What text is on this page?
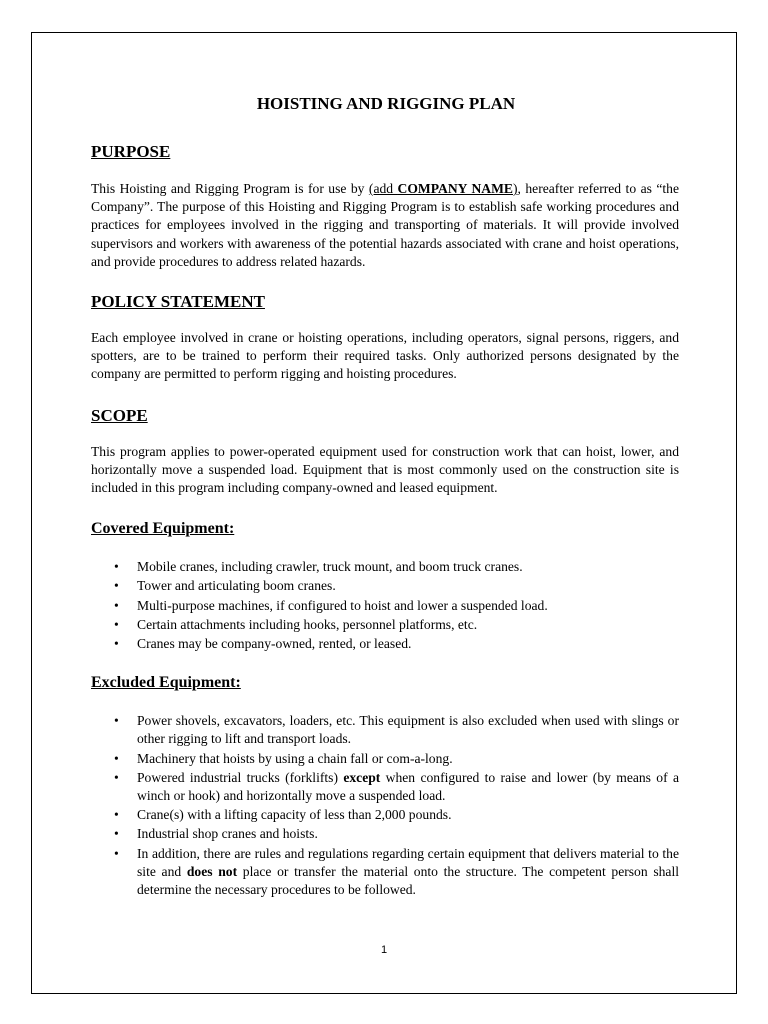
HOISTING AND RIGGING PLAN
PURPOSE

This Hoisting and Rigging Program is for use by (add COMPANY NAME), hereafter referred to as “the Company”. The purpose of this Hoisting and Rigging Program is to establish safe working procedures and practices for employees involved in the rigging and transporting of materials. It will provide involved supervisors and workers with awareness of the potential hazards associated with crane and hoist operations, and provide procedures to address related hazards.

POLICY STATEMENT

Each employee involved in crane or hoisting operations, including operators, signal persons, riggers, and spotters, are to be trained to perform their required tasks. Only authorized persons designated by the company are permitted to perform rigging and hoisting procedures.

SCOPE

This program applies to power-operated equipment used for construction work that can hoist, lower, and horizontally move a suspended load. Equipment that is most commonly used on the construction site is included in this program including company-owned and leased equipment.

Covered Equipment:
• Mobile cranes, including crawler, truck mount, and boom truck cranes.
• Tower and articulating boom cranes.
• Multi-purpose machines, if configured to hoist and lower a suspended load.
• Certain attachments including hooks, personnel platforms, etc.
• Cranes may be company-owned, rented, or leased.
Excluded Equipment:
• Power shovels, excavators, loaders, etc. This equipment is also excluded when used with slings or other rigging to lift and transport loads.
• Machinery that hoists by using a chain fall or com-a-long.
• Powered industrial trucks (forklifts) except when configured to raise and lower (by means of a winch or hook) and horizontally move a suspended load.
• Crane(s) with a lifting capacity of less than 2,000 pounds.
• Industrial shop cranes and hoists.
• In addition, there are rules and regulations regarding certain equipment that delivers material to the site and does not place or transfer the material onto the structure. The competent person shall determine the necessary procedures to be followed.
1
